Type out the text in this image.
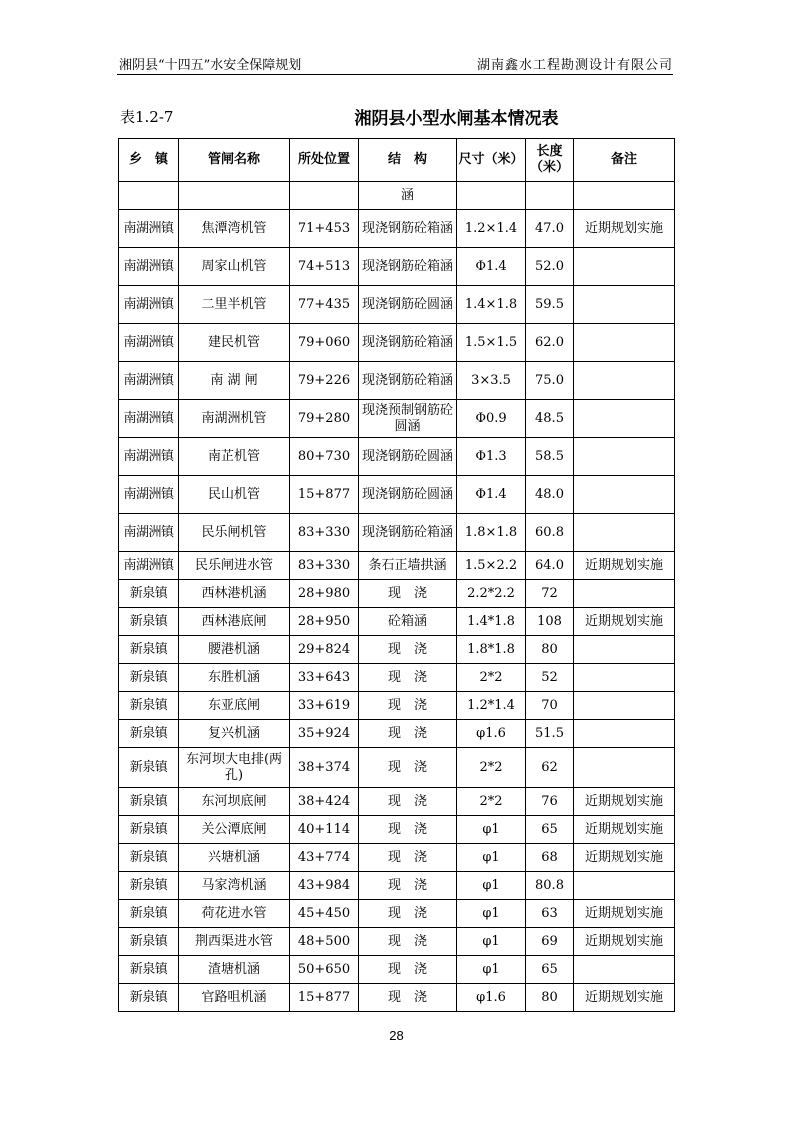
湘阴县“十四五”水安全保障规划	湖南鑫水工程勘测设计有限公司
表1.2-7	湘阴县小型水闸基本情况表
乡　镇	管闸名称	所处位置	结　构	尺寸（米）	长度（米）	备注
			涵			
南湖洲镇	焦潭湾机管	71+453	现浇钢筋砼箱涵	1.2×1.4	47.0	近期规划实施
南湖洲镇	周家山机管	74+513	现浇钢筋砼箱涵	Φ1.4	52.0	
南湖洲镇	二里半机管	77+435	现浇钢筋砼圆涵	1.4×1.8	59.5	
南湖洲镇	建民机管	79+060	现浇钢筋砼箱涵	1.5×1.5	62.0	
南湖洲镇	南 湖 闸	79+226	现浇钢筋砼箱涵	3×3.5	75.0	
南湖洲镇	南湖洲机管	79+280	现浇预制钢筋砼圆涵	Φ0.9	48.5	
南湖洲镇	南芷机管	80+730	现浇钢筋砼圆涵	Φ1.3	58.5	
南湖洲镇	民山机管	15+877	现浇钢筋砼圆涵	Φ1.4	48.0	
南湖洲镇	民乐闸机管	83+330	现浇钢筋砼箱涵	1.8×1.8	60.8	
南湖洲镇	民乐闸进水管	83+330	条石正墙拱涵	1.5×2.2	64.0	近期规划实施
新泉镇	西林港机涵	28+980	现　浇	2.2*2.2	72	
新泉镇	西林港底闸	28+950	砼箱涵	1.4*1.8	108	近期规划实施
新泉镇	腰港机涵	29+824	现　浇	1.8*1.8	80	
新泉镇	东胜机涵	33+643	现　浇	2*2	52	
新泉镇	东亚底闸	33+619	现　浇	1.2*1.4	70	
新泉镇	复兴机涵	35+924	现　浇	φ1.6	51.5	
新泉镇	东河坝大电排(两孔)	38+374	现　浇	2*2	62	
新泉镇	东河坝底闸	38+424	现　浇	2*2	76	近期规划实施
新泉镇	关公潭底闸	40+114	现　浇	φ1	65	近期规划实施
新泉镇	兴塘机涵	43+774	现　浇	φ1	68	近期规划实施
新泉镇	马家湾机涵	43+984	现　浇	φ1	80.8	
新泉镇	荷花进水管	45+450	现　浇	φ1	63	近期规划实施
新泉镇	荆西渠进水管	48+500	现　浇	φ1	69	近期规划实施
新泉镇	渣塘机涵	50+650	现　浇	φ1	65	
新泉镇	官路咀机涵	15+877	现　浇	φ1.6	80	近期规划实施
28
